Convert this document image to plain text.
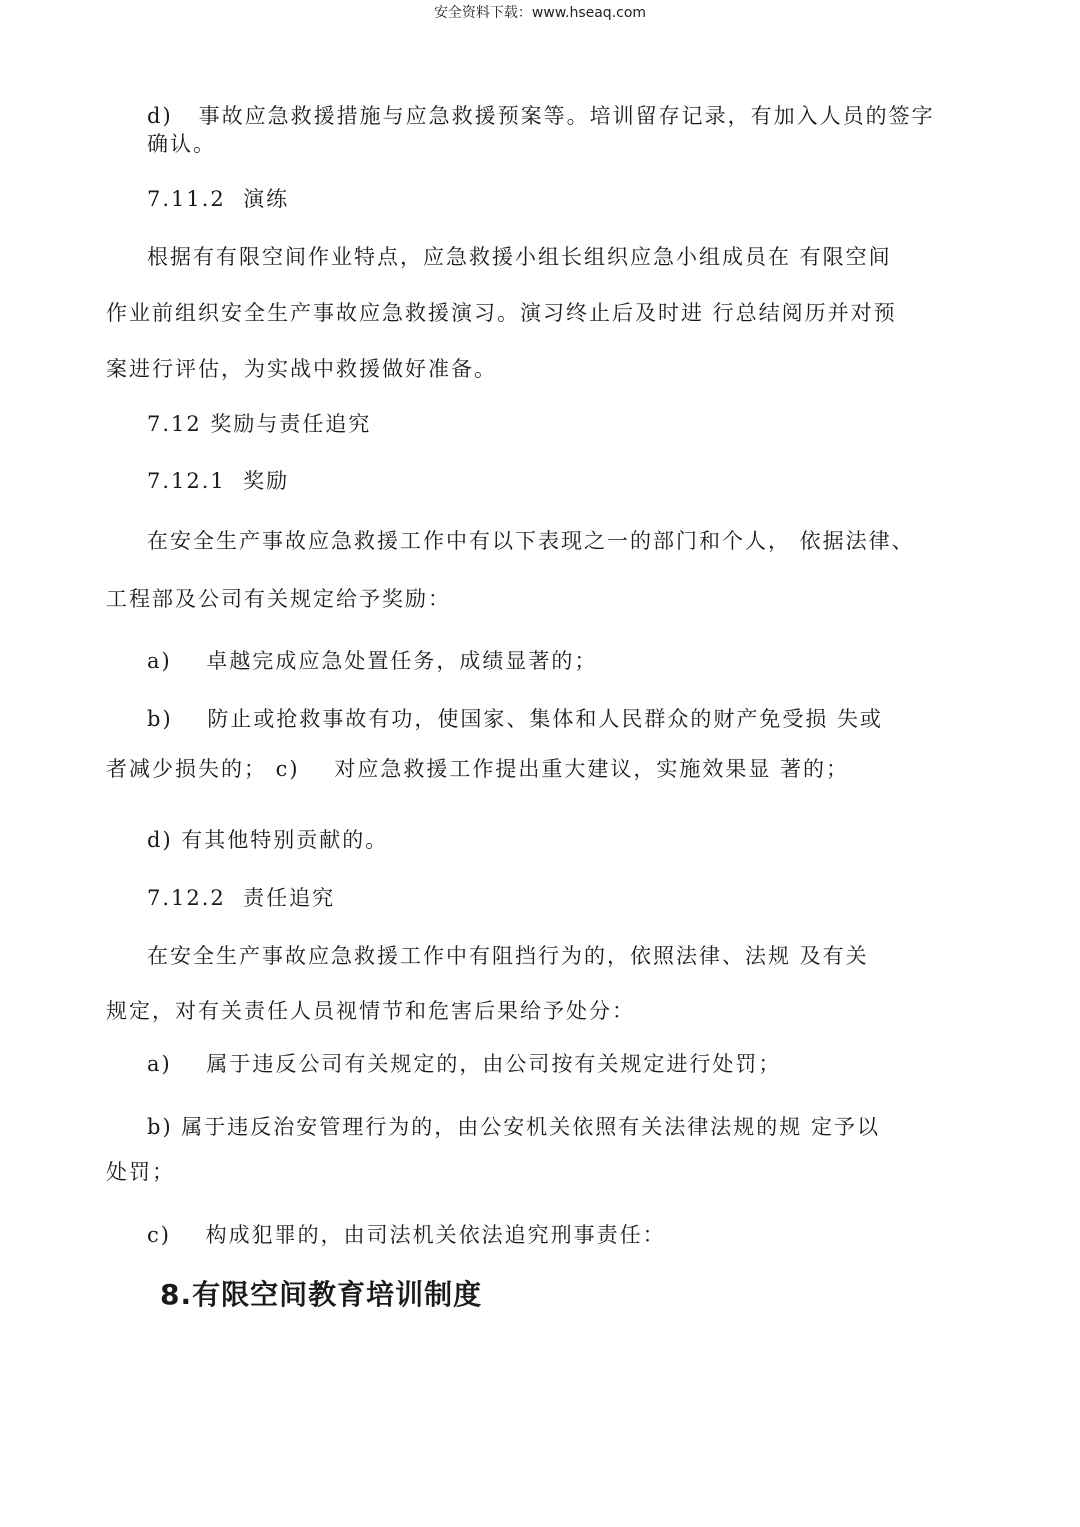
安全资料下载：www.hseaq.com
d)   事故应急救援措施与应急救援预案等。培训留存记录，有加入人员的签字
确认。
7.11.2  演练
根据有有限空间作业特点，应急救援小组长组织应急小组成员在 有限空间
作业前组织安全生产事故应急救援演习。演习终止后及时进 行总结阅历并对预
案进行评估，为实战中救援做好准备。
7.12 奖励与责任追究
7.12.1  奖励
在安全生产事故应急救援工作中有以下表现之一的部门和个人， 依据法律、
工程部及公司有关规定给予奖励：
a)    卓越完成应急处置任务，成绩显著的；
b)    防止或抢救事故有功，使国家、集体和人民群众的财产免受损 失或
者减少损失的； c)    对应急救援工作提出重大建议，实施效果显 著的；
d) 有其他特别贡献的。
7.12.2  责任追究
在安全生产事故应急救援工作中有阻挡行为的，依照法律、法规 及有关
规定，对有关责任人员视情节和危害后果给予处分：
a)    属于违反公司有关规定的，由公司按有关规定进行处罚；
b) 属于违反治安管理行为的，由公安机关依照有关法律法规的规 定予以
处罚；
c)    构成犯罪的，由司法机关依法追究刑事责任：
8.有限空间教育培训制度
